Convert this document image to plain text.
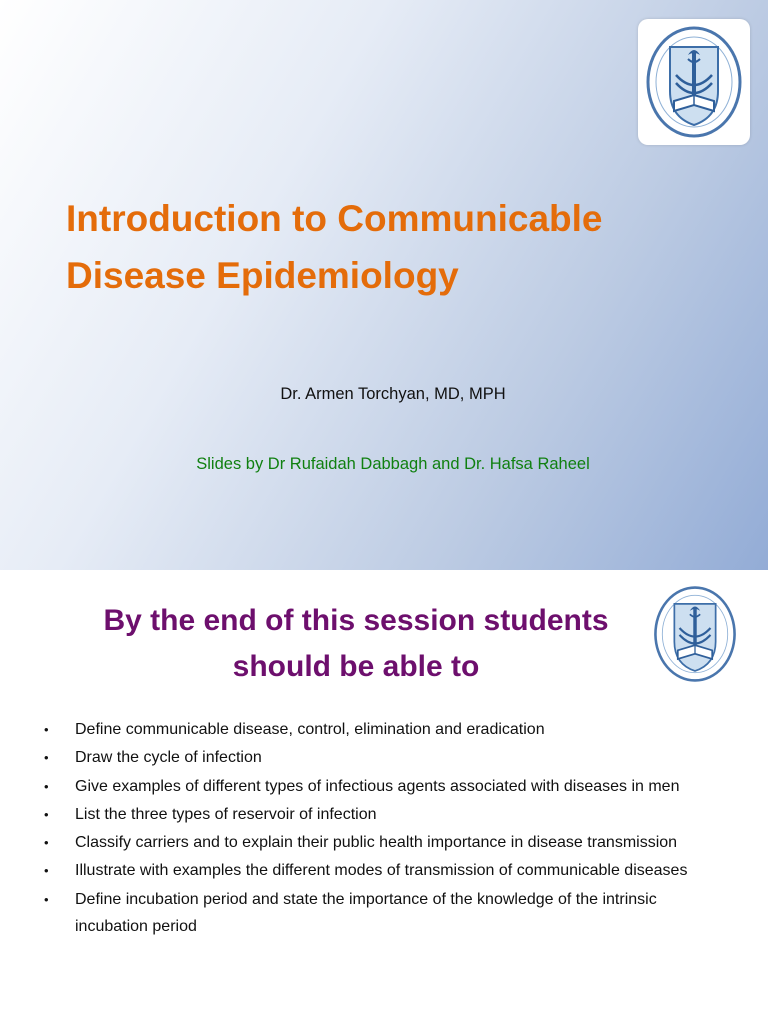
Introduction to Communicable
Disease Epidemiology
Dr. Armen Torchyan, MD, MPH
Slides by Dr Rufaidah Dabbagh and Dr. Hafsa Raheel
By the end of this session students
should be able to
• Define communicable disease, control, elimination and eradication
• Draw the cycle of infection
• Give examples of different types of infectious agents associated with diseases in men
• List the three types of reservoir of infection
• Classify carriers and to explain their public health importance in disease transmission
• Illustrate with examples the different modes of transmission of communicable diseases
• Define incubation period and state the importance of the knowledge of the intrinsic incubation period
